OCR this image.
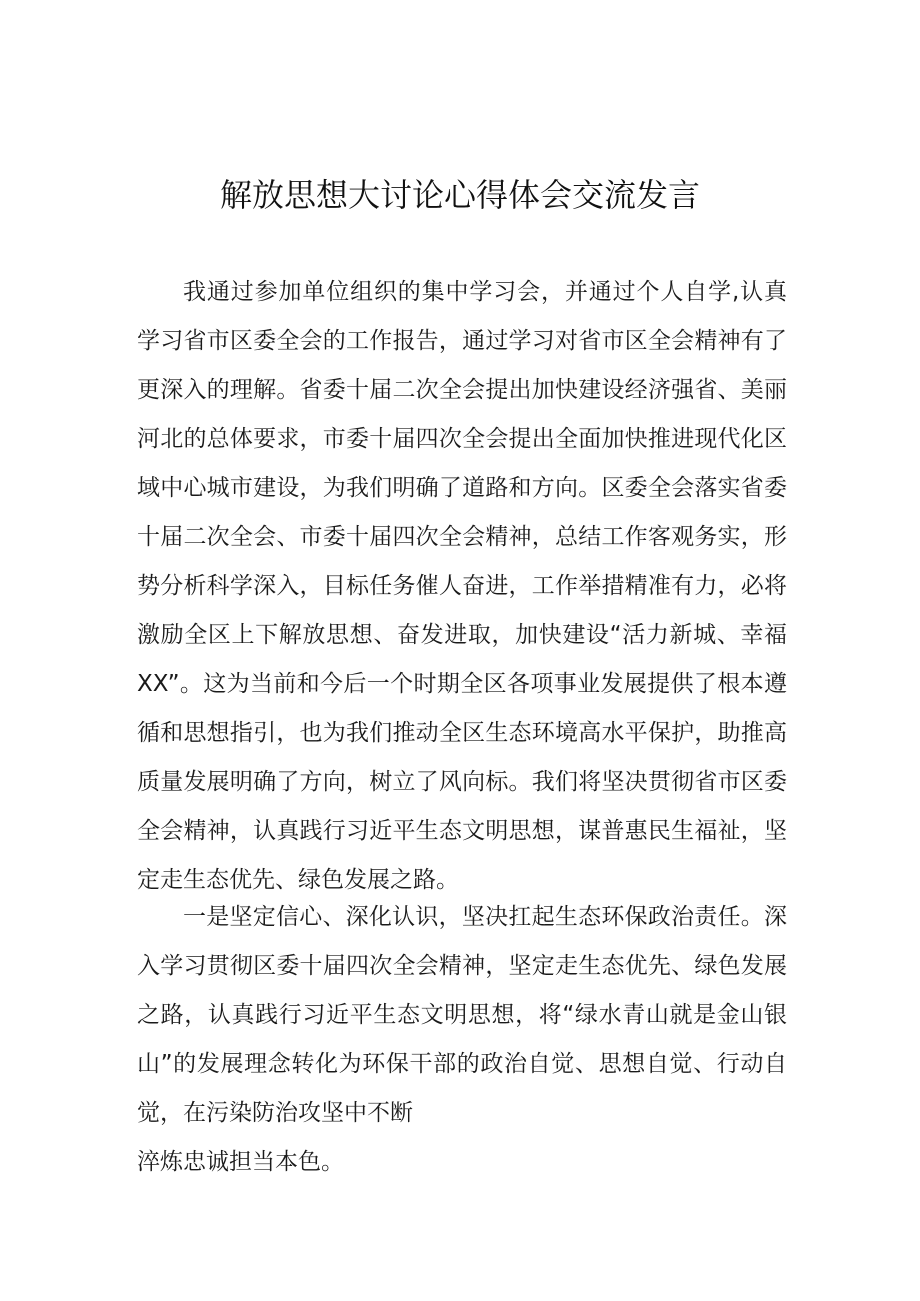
解放思想大讨论心得体会交流发言
我通过参加单位组织的集中学习会，并通过个人自学,认真
学习省市区委全会的工作报告，通过学习对省市区全会精神有了
更深入的理解。省委十届二次全会提出加快建设经济强省、美丽
河北的总体要求，市委十届四次全会提出全面加快推进现代化区
域中心城市建设，为我们明确了道路和方向。区委全会落实省委
十届二次全会、市委十届四次全会精神，总结工作客观务实，形
势分析科学深入，目标任务催人奋进，工作举措精准有力，必将
激励全区上下解放思想、奋发进取，加快建设“活力新城、幸福
XX”。这为当前和今后一个时期全区各项事业发展提供了根本遵
循和思想指引，也为我们推动全区生态环境高水平保护，助推高
质量发展明确了方向，树立了风向标。我们将坚决贯彻省市区委
全会精神，认真践行习近平生态文明思想，谋普惠民生福祉，坚
定走生态优先、绿色发展之路。
一是坚定信心、深化认识，坚决扛起生态环保政治责任。深
入学习贯彻区委十届四次全会精神，坚定走生态优先、绿色发展
之路，认真践行习近平生态文明思想，将“绿水青山就是金山银
山”的发展理念转化为环保干部的政治自觉、思想自觉、行动自
觉，在污染防治攻坚中不断
淬炼忠诚担当本色。
